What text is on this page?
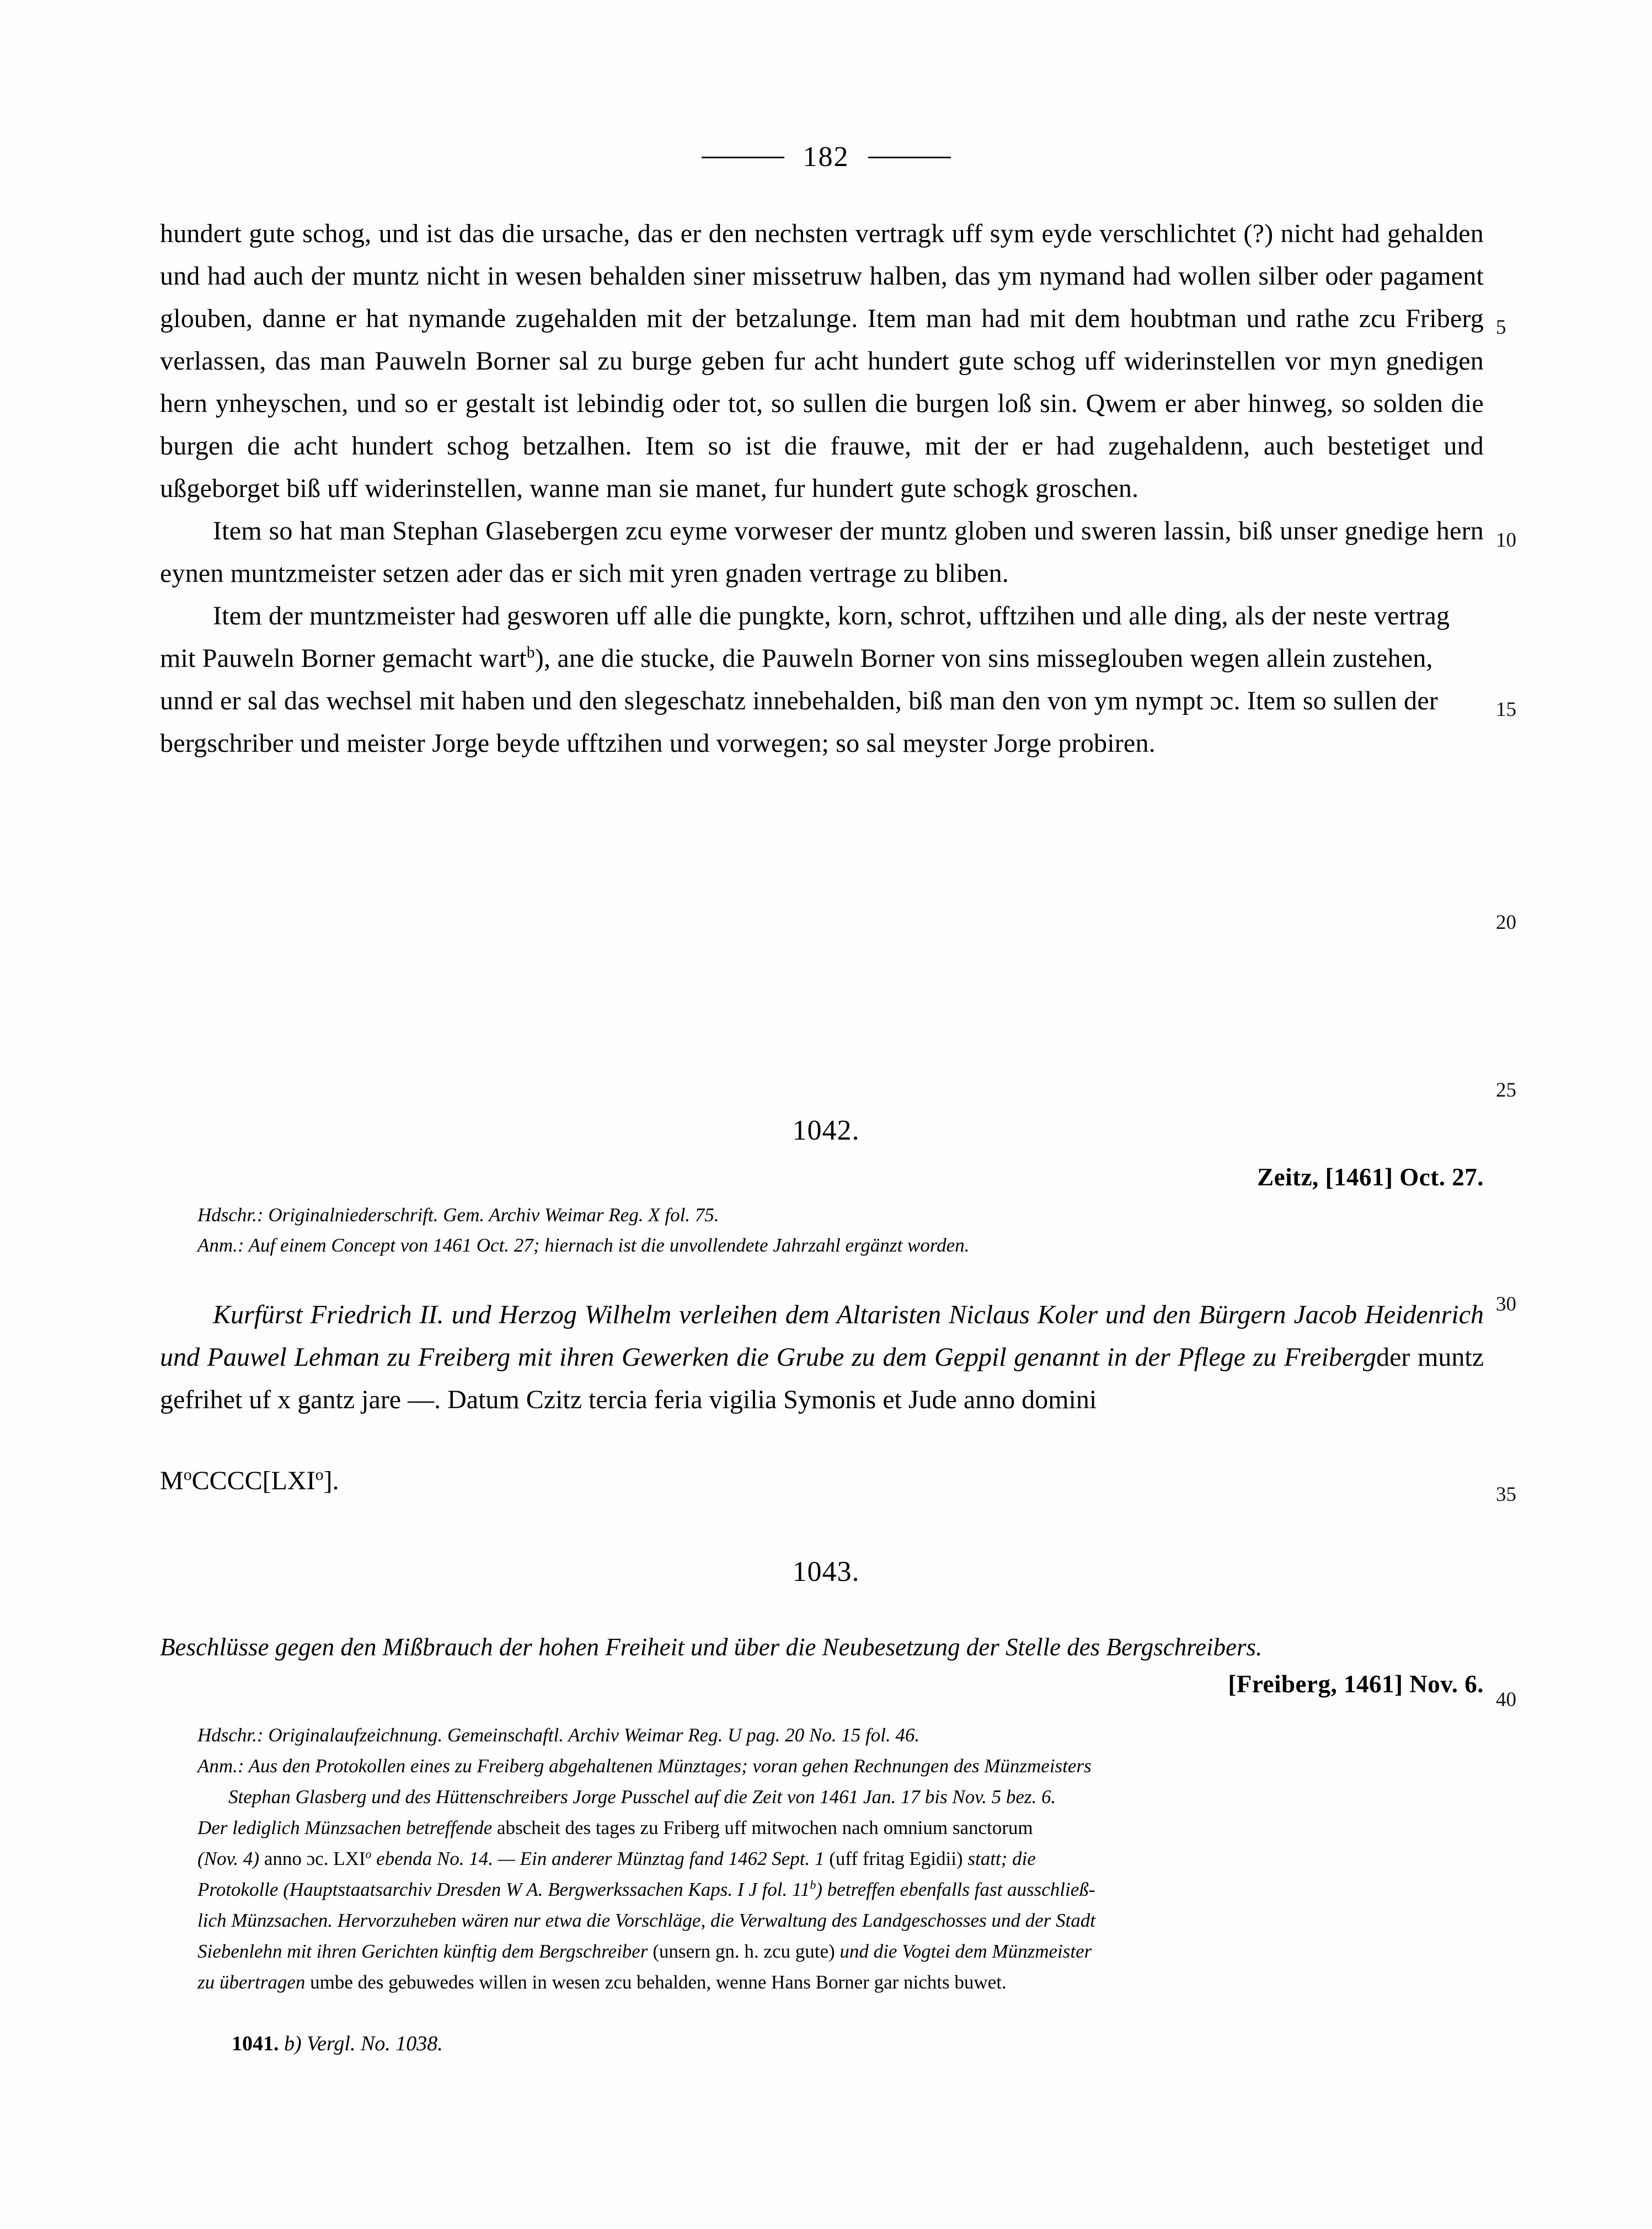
182

hundert gute schog, und ist das die ursache, das er den nechsten vertragk uff sym eyde verschlichtet (?) nicht had gehalden und had auch der muntz nicht in wesen behalden siner missetruw halben, das ym nymand had wollen silber oder pagament glouben, danne er hat nymande zugehalden mit der betzalunge. Item man had mit dem houbtman und rathe zcu Friberg verlassen, das man Pauweln Borner sal zu burge geben fur acht hundert gute schog uff widerinstellen vor myn gnedigen hern ynheyschen, und so er gestalt ist lebindig oder tot, so sullen die burgen loß sin. Qwem er aber hinweg, so solden die burgen die acht hundert schog betzalhen. Item so ist die frauwe, mit der er had zugehaldenn, auch bestetiget und ußgeborget biß uff widerinstellen, wanne man sie manet, fur hundert gute schogk groschen.

Item so hat man Stephan Glasebergen zcu eyme vorweser der muntz globen und sweren lassin, biß unser gnedige hern eynen muntzmeister setzen ader das er sich mit yren gnaden vertrage zu bliben.

Item der muntzmeister had gesworen uff alle die pungkte, korn, schrot, ufftzihen und alle ding, als der neste vertrag mit Pauweln Borner gemacht wart$^b$), ane die stucke, die Pauweln Borner von sins misseglouben wegen allein zustehen, unnd er sal das wechsel mit haben und den slegeschatz innebehalden, biß man den von ym nympt ɔc. Item so sullen der bergschriber und meister Jorge beyde ufftzihen und vorwegen; so sal meyster Jorge probiren.

5
10
15
20
25
30
35
40
1042.
Zeitz, [1461] Oct. 27.
Hdschr.: Originalniederschrift. Gem. Archiv Weimar Reg. X fol. 75.
Anm.: Auf einem Concept von 1461 Oct. 27; hiernach ist die unvollendete Jahrzahl ergänzt worden.
Kurfürst Friedrich II. und Herzog Wilhelm verleihen dem Altaristen Niclaus Koler und den Bürgern Jacob Heidenrich und Pauwel Lehman zu Freiberg mit ihren Gewerken die Grube zu dem Geppil genannt in der Pflege zu Freibergder muntz gefrihet uf x gantz jare —. Datum Czitz tercia feria vigilia Symonis et Jude anno domini
$M^oCCCC[LXI^o]$.
1043.
Beschlüsse gegen den Mißbrauch der hohen Freiheit und über die Neubesetzung der Stelle des Bergschreibers.
[Freiberg, 1461] Nov. 6.
Hdschr.: Originalaufzeichnung. Gemeinschaftl. Archiv Weimar Reg. U pag. 20 No. 15 fol. 46.
Anm.: Aus den Protokollen eines zu Freiberg abgehaltenen Münztages; voran gehen Rechnungen des Münzmeisters
Stephan Glasberg und des Hüttenschreibers Jorge Pusschel auf die Zeit von 1461 Jan. 17 bis Nov. 5 bez. 6.
Der lediglich Münzsachen betreffende abscheit des tages zu Friberg uff mitwochen nach omnium sanctorum
(Nov. 4) anno ɔc. LXI$^o$ ebenda No. 14. — Ein anderer Münztag fand 1462 Sept. 1 (uff fritag Egidii) statt; die
Protokolle (Hauptstaatsarchiv Dresden W A. Bergwerkssachen Kaps. I J fol. 11$^b$) betreffen ebenfalls fast ausschließ-
lich Münzsachen. Hervorzuheben wären nur etwa die Vorschläge, die Verwaltung des Landgeschosses und der Stadt
Siebenlehn mit ihren Gerichten künftig dem Bergschreiber (unsern gn. h. zcu gute) und die Vogtei dem Münzmeister
zu übertragen umbe des gebuwedes willen in wesen zcu behalden, wenne Hans Borner gar nichts buwet.
1041. b) Vergl. No. 1038.
